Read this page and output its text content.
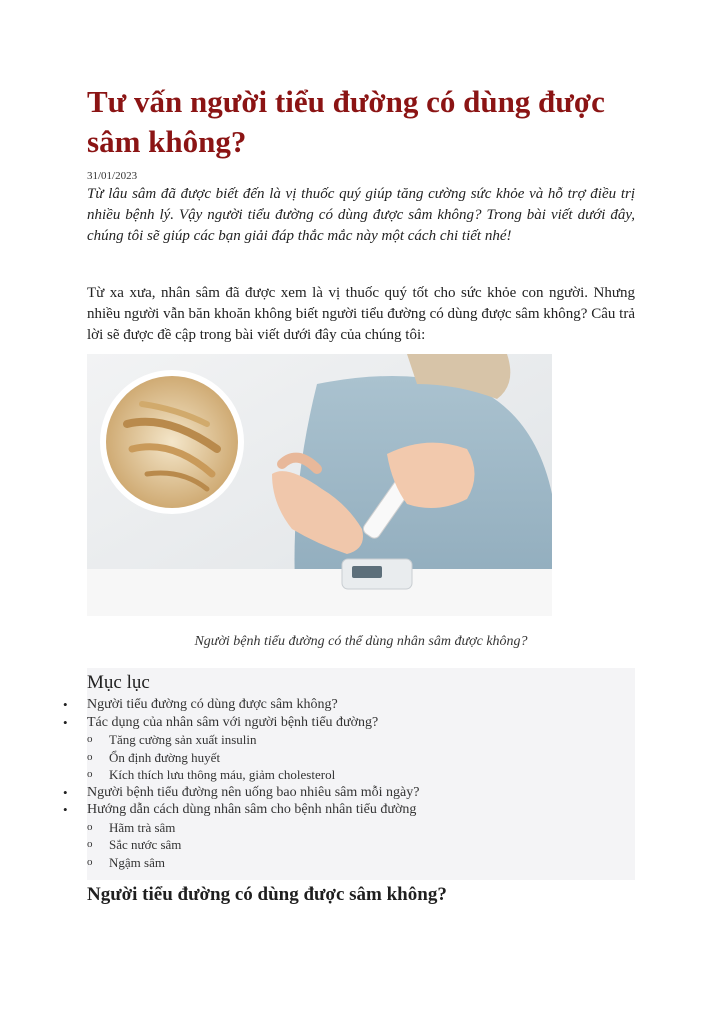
Tư vấn người tiểu đường có dùng được sâm không?
31/01/2023

Từ lâu sâm đã được biết đến là vị thuốc quý giúp tăng cường sức khỏe và hỗ trợ điều trị nhiều bệnh lý. Vậy người tiểu đường có dùng được sâm không? Trong bài viết dưới đây, chúng tôi sẽ giúp các bạn giải đáp thắc mắc này một cách chi tiết nhé!

Từ xa xưa, nhân sâm đã được xem là vị thuốc quý tốt cho sức khỏe con người. Nhưng nhiều người vẫn băn khoăn không biết người tiểu đường có dùng được sâm không? Câu trả lời sẽ được đề cập trong bài viết dưới đây của chúng tôi:

Người bệnh tiểu đường có thể dùng nhân sâm được không?
Mục lục
• Người tiểu đường có dùng được sâm không?
• Tác dụng của nhân sâm với người bệnh tiểu đường?
o Tăng cường sản xuất insulin
o Ổn định đường huyết
o Kích thích lưu thông máu, giảm cholesterol
• Người bệnh tiểu đường nên uống bao nhiêu sâm mỗi ngày?
• Hướng dẫn cách dùng nhân sâm cho bệnh nhân tiểu đường
o Hãm trà sâm
o Sắc nước sâm
o Ngậm sâm
Người tiểu đường có dùng được sâm không?
